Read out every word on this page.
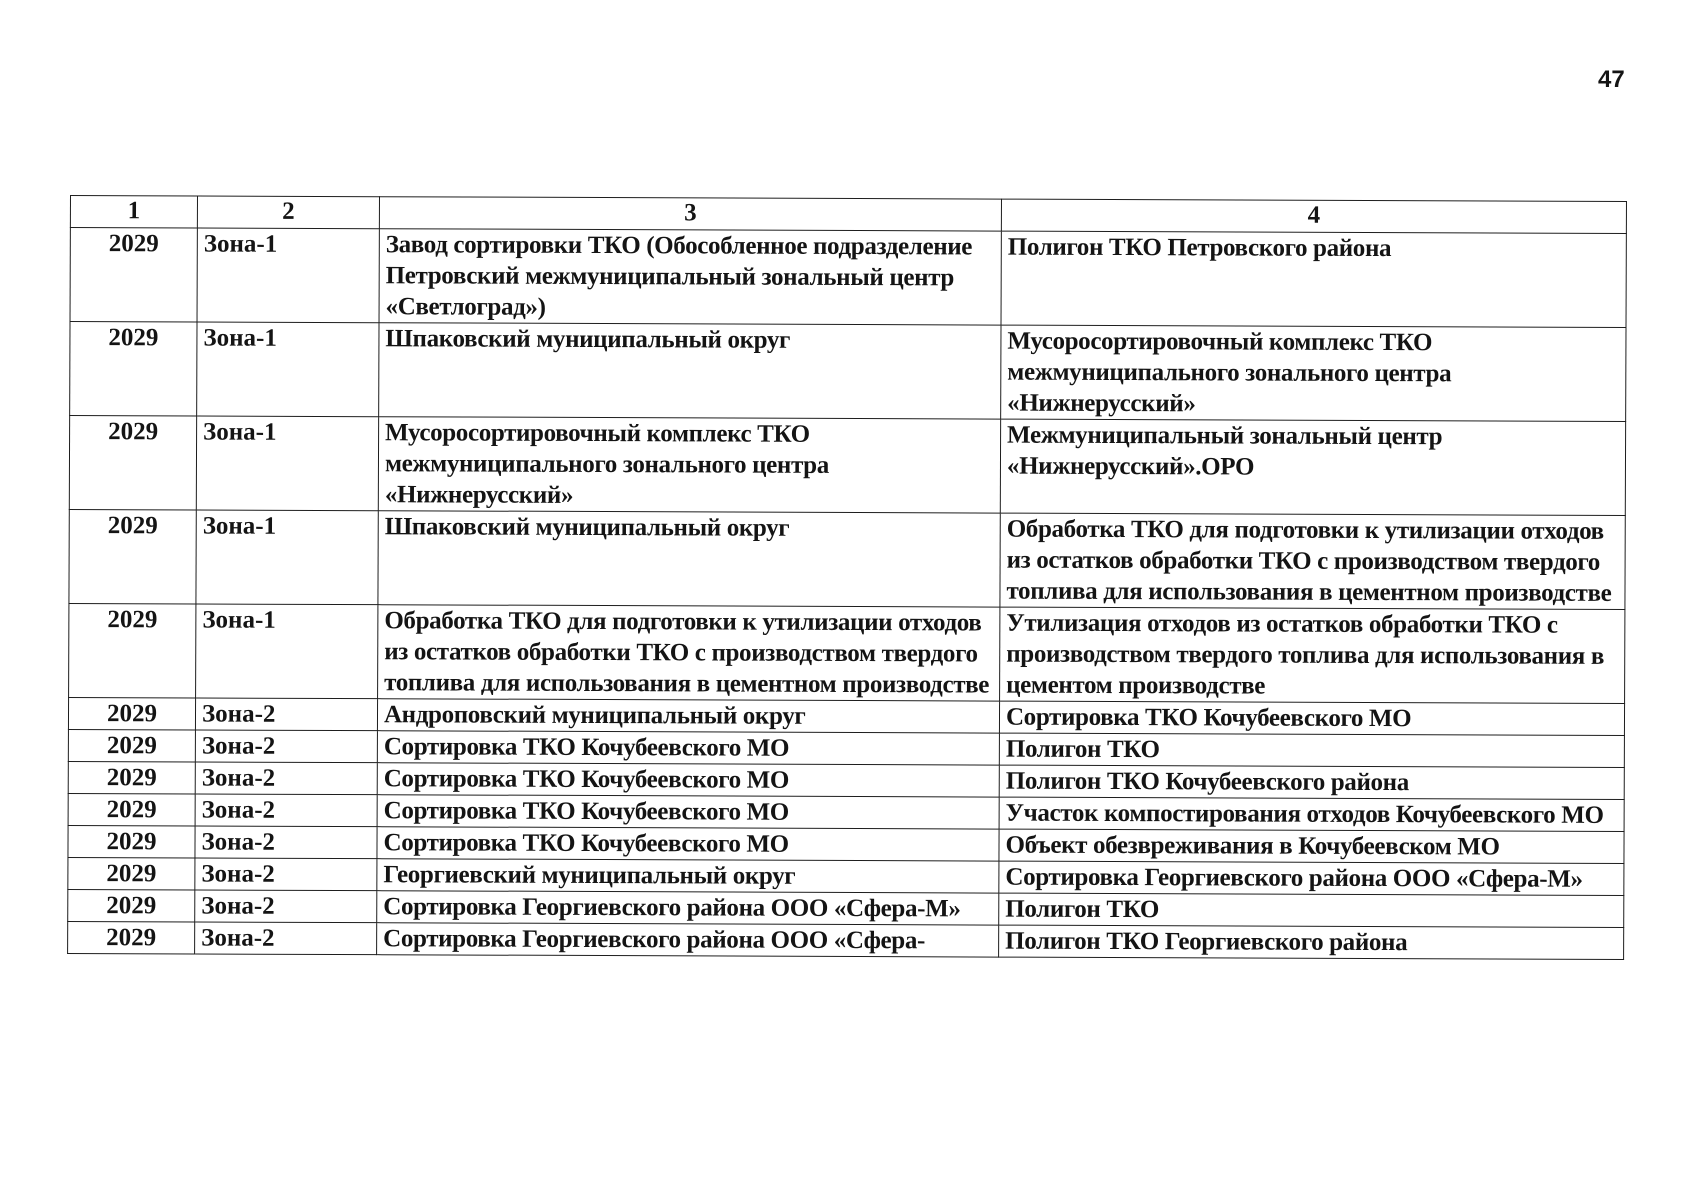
47
1	2	3	4
2029	Зона-1	Завод сортировки ТКО (Обособленное подразделение Петровский межмуниципальный зональный центр «Светлоград»)	Полигон ТКО Петровского района
2029	Зона-1	Шпаковский муниципальный округ	Мусоросортировочный комплекс ТКО межмуниципального зонального центра «Нижнерусский»
2029	Зона-1	Мусоросортировочный комплекс ТКО межмуниципального зонального центра «Нижнерусский»	Межмуниципальный зональный центр «Нижнерусский».ОРО
2029	Зона-1	Шпаковский муниципальный округ	Обработка ТКО для подготовки к утилизации отходов из остатков обработки ТКО с производством твердого топлива для использования в цементном производстве
2029	Зона-1	Обработка ТКО для подготовки к утилизации отходов из остатков обработки ТКО с производством твердого топлива для использования в цементном производстве	Утилизация отходов из остатков обработки ТКО с производством твердого топлива для использования в цементом производстве
2029	Зона-2	Андроповский муниципальный округ	Сортировка ТКО Кочубеевского МО
2029	Зона-2	Сортировка ТКО Кочубеевского МО	Полигон ТКО
2029	Зона-2	Сортировка ТКО Кочубеевского МО	Полигон ТКО Кочубеевского района
2029	Зона-2	Сортировка ТКО Кочубеевского МО	Участок компостирования отходов Кочубеевского МО
2029	Зона-2	Сортировка ТКО Кочубеевского МО	Объект обезвреживания в Кочубеевском МО
2029	Зона-2	Георгиевский муниципальный округ	Сортировка Георгиевского района ООО «Сфера-М»
2029	Зона-2	Сортировка Георгиевского района ООО «Сфера-М»	Полигон ТКО
2029	Зона-2	Сортировка Георгиевского района ООО «Сфера-	Полигон ТКО Георгиевского района
